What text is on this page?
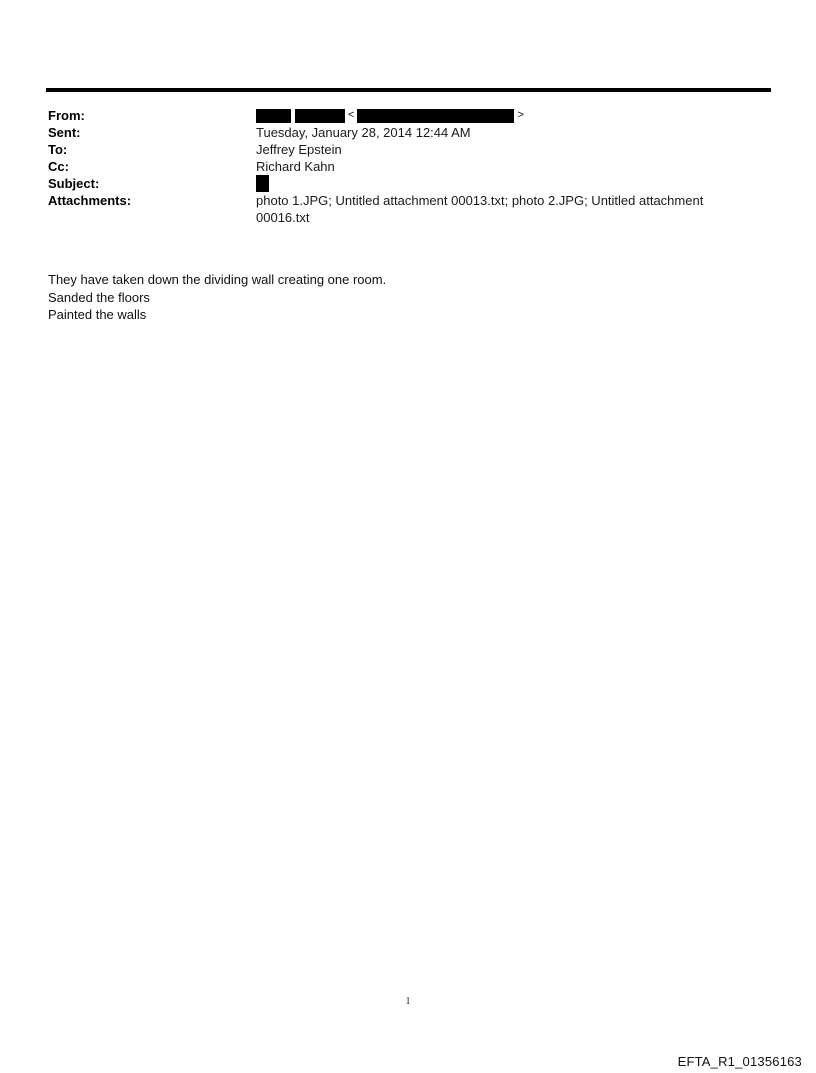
From:	<	>
Sent:	Tuesday, January 28, 2014 12:44 AM
To:	Jeffrey Epstein
Cc:	Richard Kahn
Subject:
Attachments:	photo 1.JPG; Untitled attachment 00013.txt; photo 2.JPG; Untitled attachment
00016.txt

They have taken down the dividing wall creating one room.

Sanded the floors

Painted the walls

1
EFTA_R1_01356163
